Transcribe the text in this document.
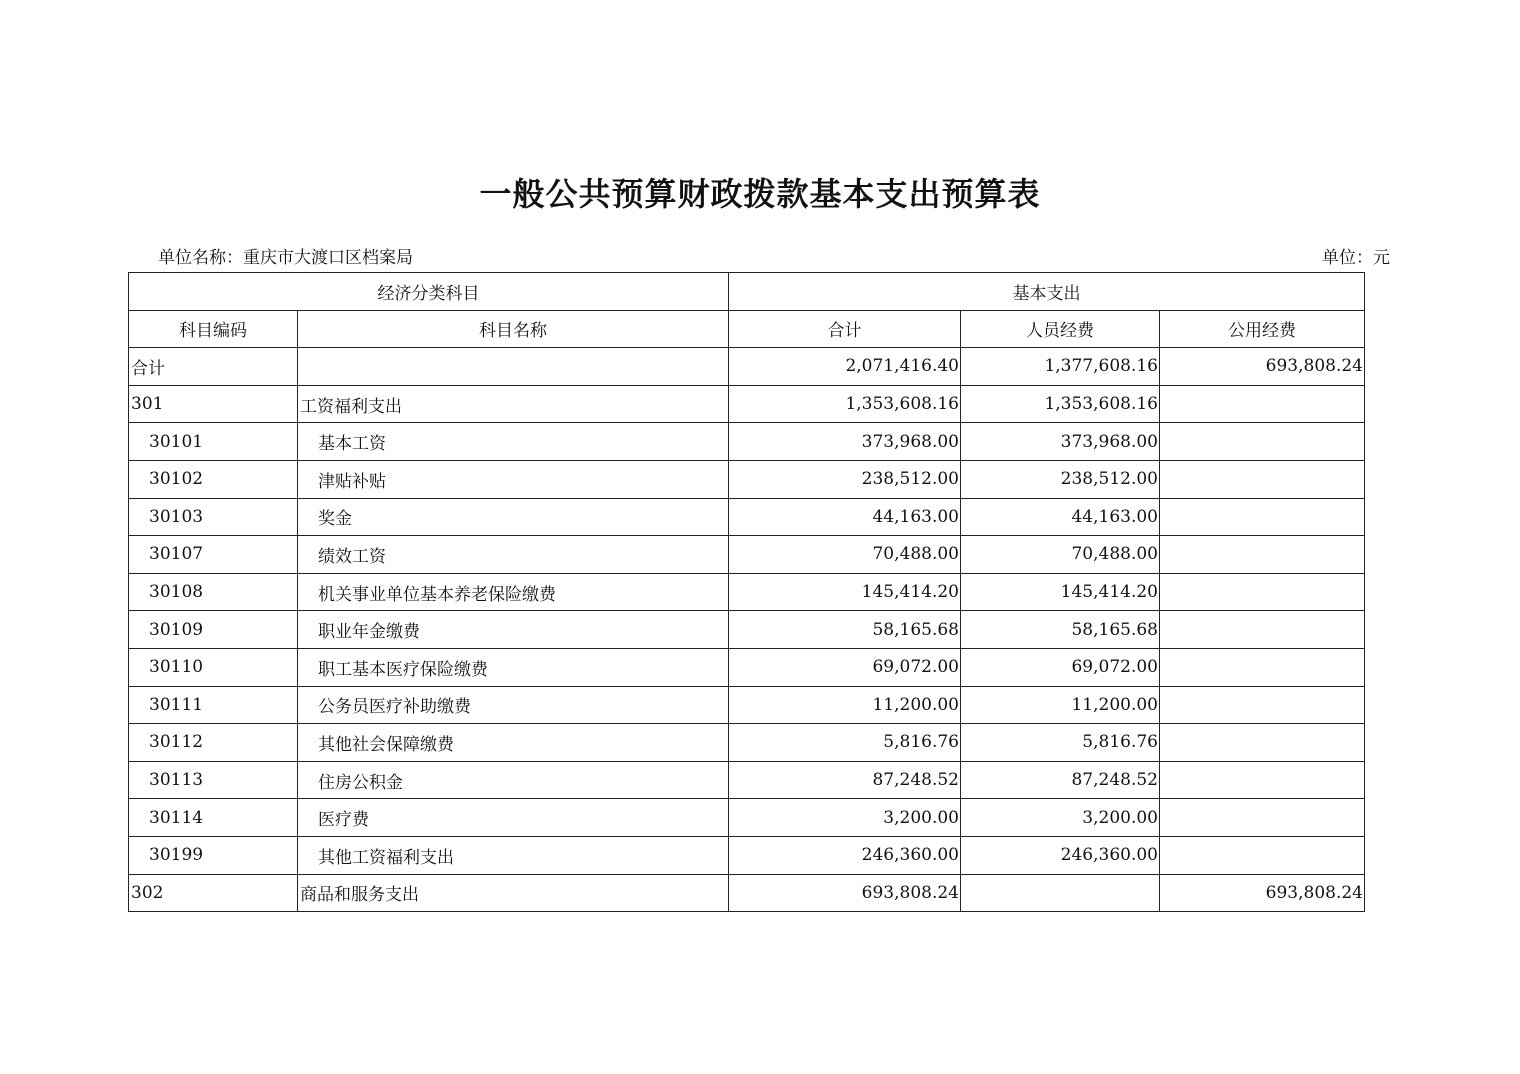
一般公共预算财政拨款基本支出预算表
单位名称：重庆市大渡口区档案局	单位：元
经济分类科目		基本支出		
科目编码	科目名称	合计	人员经费	公用经费
合计		2,071,416.40	1,377,608.16	693,808.24
301	工资福利支出	1,353,608.16	1,353,608.16	
30101	基本工资	373,968.00	373,968.00	
30102	津贴补贴	238,512.00	238,512.00	
30103	奖金	44,163.00	44,163.00	
30107	绩效工资	70,488.00	70,488.00	
30108	机关事业单位基本养老保险缴费	145,414.20	145,414.20	
30109	职业年金缴费	58,165.68	58,165.68	
30110	职工基本医疗保险缴费	69,072.00	69,072.00	
30111	公务员医疗补助缴费	11,200.00	11,200.00	
30112	其他社会保障缴费	5,816.76	5,816.76	
30113	住房公积金	87,248.52	87,248.52	
30114	医疗费	3,200.00	3,200.00	
30199	其他工资福利支出	246,360.00	246,360.00	
302	商品和服务支出	693,808.24		693,808.24
